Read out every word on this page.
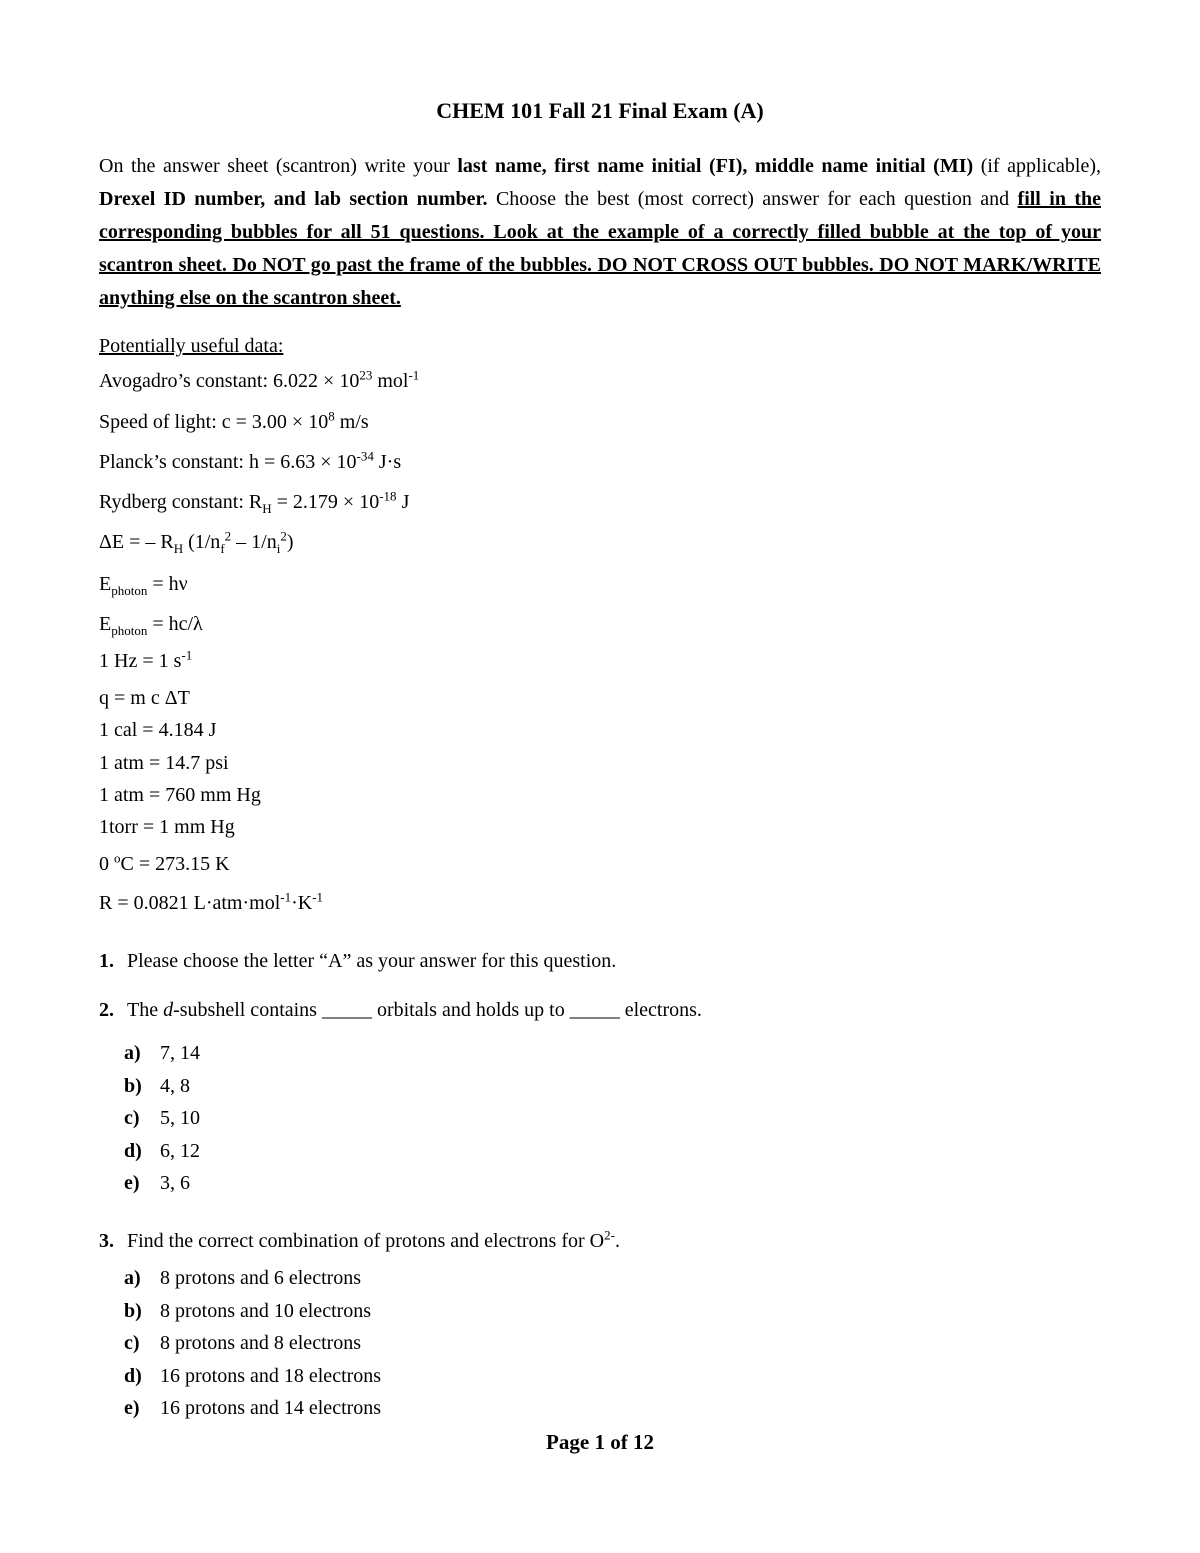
CHEM 101 Fall 21 Final Exam (A)
On the answer sheet (scantron) write your last name, first name initial (FI), middle name initial (MI) (if applicable), Drexel ID number, and lab section number. Choose the best (most correct) answer for each question and fill in the corresponding bubbles for all 51 questions. Look at the example of a correctly filled bubble at the top of your scantron sheet. Do NOT go past the frame of the bubbles. DO NOT CROSS OUT bubbles. DO NOT MARK/WRITE anything else on the scantron sheet.
Potentially useful data:
Avogadro’s constant: $6.022 \times 10^{23}$ mol$^{-1}$
Speed of light: $c = 3.00 \times 10^8$ m/s
Planck’s constant: $h = 6.63 \times 10^{-34}$ J·s
Rydberg constant: $R_H = 2.179 \times 10^{-18}$ J
ΔE = – $R_H$ $(1/n_f^2 - 1/n_i^2)$
$E_{photon} = h\nu$
$E_{photon} = hc/\lambda$
1 Hz = 1 $s^{-1}$
q = m c ΔT
1 cal = 4.184 J
1 atm = 14.7 psi
1 atm = 760 mm Hg
1torr = 1 mm Hg
0 $^o$C = 273.15 K
R = 0.0821 $L\cdot atm\cdot mol^{-1}\cdot K^{-1}$
1. Please choose the letter “A” as your answer for this question.
2. The d-subshell contains _____ orbitals and holds up to _____ electrons.
a) 7, 14
b) 4, 8
c) 5, 10
d) 6, 12
e) 3, 6
3. Find the correct combination of protons and electrons for $O^{2-}$.
a) 8 protons and 6 electrons
b) 8 protons and 10 electrons
c) 8 protons and 8 electrons
d) 16 protons and 18 electrons
e) 16 protons and 14 electrons
Page 1 of 12
